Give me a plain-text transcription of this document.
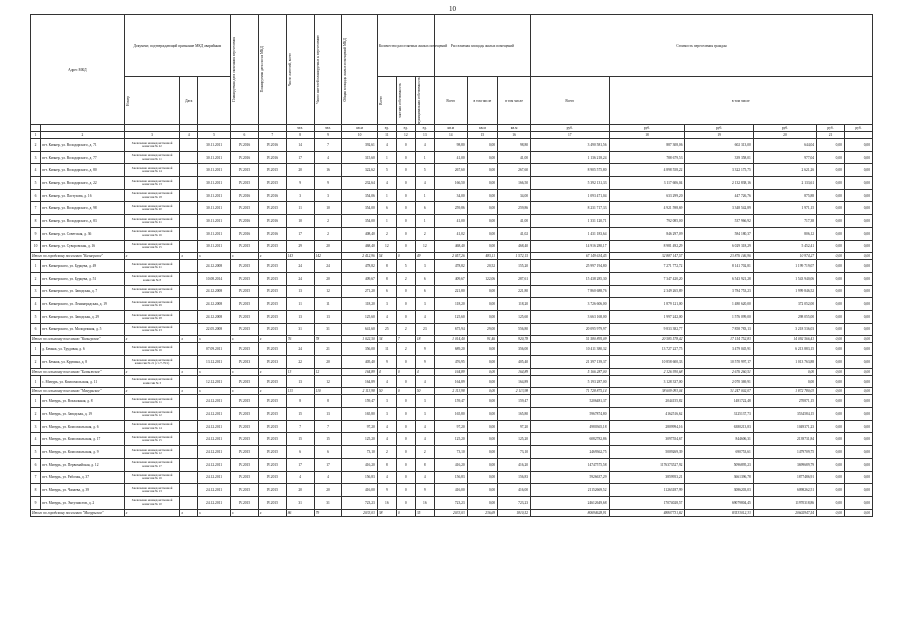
10
Адрес МКД		Документ, подтверждающий признание МКД аварийным			Планируемая дата окончания переселения	Планируемая дата сноса МКД	Число жителей, всего	Число жителей планируемых к переселению	Общая площадь жилых помещений МКД	Количество расселяемых жилых помещений			Расселяемая площадь жилых помещений			Стоимость переселения граждан					

		Номер	Дата							Всего	частная собственность	муниципальная собственность	Всего	в том числе	в том числе	Всего	в том числе				
							чел.	чел.	кв.м	ед.	ед.	ед.	кв.м	кв.м	кв.м	руб.	руб.	руб.	руб.	руб.	руб.
1	2	3	4	5	6	7	8	9	10	11	12	13	14	15	16	17	18	19	20	21	
2	пгт. Кизнер, ул. Володарского, д. 71	Заключение межведомственной комиссии № 22		30.11.2011	IV.2016	IV.2016	14	7	392,61	4	0	4	98,80	0,00	98,80	3 490 581,56	887 308,06	602 313,00	644,04	0,00	0,00
3	пгт. Кизнер, ул. Володарского, д. 77	Заключение межведомственной комиссии № 11		30.11.2011	IV.2016	IV.2016	17	4	315,60	1	0	1	41,00	0,00	41,00	1 136 218,24	788 679,53	339 358,01	977,04	0,00	0,00
4	пгт. Кизнер, ул. Володарского, д. 80	Заключение межведомственной комиссии № 14		30.11.2011	IV.2015	IV.2015	20	16	322,62	5	0	5	267,60	0,00	267,60	8 905 575,80	4 898 558,22	3 322 175,75	2 621,26	0,00	0,00
5	пгт. Кизнер, ул. Володарского, д. 22	Заключение межведомственной комиссии № 13		30.11.2011	IV.2015	IV.2015	9	9	232,64	4	0	4	166,50	0,00	166,50	5 392 131,33	3 117 606,04	2 132 838,16	2 133,61	0,00	0,00
6	пгт. Кизнер, ул. Пастухова, д. 16	Заключение межведомственной комиссии № 18		30.11.2011	IV.2016	IV.2016	3	3	354,06	1	0	1	34,00	0,00	34,00	1 093 471,04	633 299,20	447 726,76	875,88	0,00	0,00
7	пгт. Кизнер, ул. Володарского, д. 98	Заключение межведомственной комиссии № 20		30.11.2011	IV.2015	IV.2015	11	10	354,00	6	0	6	259,86	0,00	259,86	8 231 717,33	4 921 598,69	3 348 542,89	1 971,15	0,00	0,00
8	пгт. Кизнер, ул. Володарского, д. 83	Заключение межведомственной комиссии № 21		30.11.2011	IV.2016	IV.2016	10	2	354,00	1	0	1	41,00	0,00	41,00	1 331 120,71	792 085,00	537 966,92	717,38	0,00	0,00
9	пгт. Кизнер, ул. Советская, д. 36	Заключение межведомственной комиссии № 16		30.11.2011	IV.2016	IV.2016	17	2	408,40	2	0	2	41,02	0,00	41,02	1 431 183,64	846 297,09	584 180,37	806,12	0,00	0,00
10	пгт. Кизнер, ул. Суворовская, д. 16	Заключение межведомственной комиссии № 15		30.11.2011	IV.2015	IV.2015	29	20	468,40	12	0	12	468,40	0,00	468,40	14 916 280,17	8 981 492,29	6 029 318,29	5 452,41	0,00	0,00
Итого по городскому поселению "Кизнерское"		x	x	x	x	x	143	142	2 412,96	54	0	49	2 057,26	485,11	1 572,15	67 149 634,45	32 887 147,57	23 876 146,96	10 974,27	0,00	0,00
1	пгт. Кизнерского, ул. Бурцева, д. 49	Заключение межведомственной комиссии № 21		24.12.2008	IV.2015	IV.2015	24	24	478,82	8	5	3	478,82	20,52	155,20	25 997 194,80	7 271 772,72	8 141 702,81	1 199 719,07	0,00	0,00
2	пгт. Кизнерского, ул. Бурцева, д. 51	Заключение межведомственной комиссии № 8		10.08.2014	IV.2015	IV.2015	24	20	409,67	8	2	6	409,67	122,06	287,61	15 438 285,30	7 347 420,20	6 543 921,28	1 543 940,06	0,00	0,00
3	пгт. Кизнерского, ул. Заводская, д. 7	Заключение межведомственной комиссии № 15		24.12.2008	IV.2015	IV.2015	13	12	271,20	6	0	6	221,80	0,00	221,80	7 860 688,76	2 349 265,89	3 784 753,23	1 999 846,52	0,00	0,00
4	пгт. Кизнерского, ул. Ленинградская, д. 19	Заключение межведомственной комиссии № 29		24.12.2008	IV.2015	IV.2015	11	11	118,20	3	0	3	118,20	0,00	118,20	3 726 606,00	1 879 121,00	1 480 620,00	372 052,00	0,00	0,00
5	пгт. Кизнерского, ул. Заводская, д. 29	Заключение межведомственной комиссии № 28		24.12.2008	IV.2015	IV.2015	13	13	125,60	4	0	4	125,60	0,00	125,60	3 663 168,00	1 997 242,00	1 576 099,00	298 055,00	0,00	0,00
6	пгт. Кизнерского, ул. Молодежная, д. 5	Заключение межведомственной комиссии № 23		22.05.2008	IV.2015	IV.2015	31	31	641,60	25	2	23	675,94	29,00	556,80	20 095 979,97	9 833 382,77	7 858 783,13	3 218 536,03	0,00	0,00
Итого по сельскому поселению "Кизнерское"		x	x	x	x	x	76	78	1 022,50	34	7	18	1 014,40	91,46	920,78	51 580 895,09	20 585 578,42	17 154 752,83	14 092 566,41	0,00	0,00
1	д. Бемыж, ул. Трудовая, д. 6	Заключение межведомственной комиссии № 16		07.09.2011	IV.2015	IV.2015	24	21	356,00	11	2	9	689,20	0,00	356,00	10 411 380,32	13 727 227,75	3 479 045,91	6 213 883,15	0,00	0,00
2	пгт. Бемыж, ул. Крупина, д. 8	Заключение межведомственной комиссии № 21 (с 1/7-79/1)		13.12.2011	IV.2013	IV.2013	22	20	405,40	9	0	9	476,95	0,00	405,40	21 397 139,37	10 858 600,33	10 570 997,17	1 013 763,88	0,00	0,00
Итого по сельскому поселению "Бемыжское"		x	x	x	x	x	13	12	164,89	4	0	4	164,89	0,00	164,89	5 166 287,00	2 126 930,68	2 676 260,51	0,00	0,00	0,00
1	с. Мичурь, ул. Комсомольская, д. 11	Заключение межведомственной комиссии № 3		12.12.2011	IV.2015	IV.2015	13	12	164,89	4	0	4	164,89	0,00	164,89	5 193 287,00	3 128 337,00	2 070 369,91	0,00	0,00	0,00
Итого по сельскому поселению "Мичурьское"		x	x	x	x	x	113	110	2 113,98	50	0	50	2 113,98	0,00	2 113,98	71 728 875,14	38 609 093,04	31 247 002,07	1 872 780,03	0,00	0,00
1	пгт. Мичурь, ул. Вокзальная, д. 8	Заключение межведомственной комиссии № 11		24.12.2011	IV.2015	IV.2015	8	8	159,47	3	0	3	159,47	0,00	159,47	5206481,37	2044155,82	1481722,48	270871,15	0,00	0,00
2	пгт. Мичурь, ул. Заводская, д. 19	Заключение межведомственной комиссии № 12		24.12.2011	IV.2015	IV.2015	15	13	165,80	3	0	3	165,80	0,00	165,80	5967874,80	4162516,62	3125137,73	3534584,15	0,00	0,00
3	пгт. Мичурь, ул. Комсомольская, д. 6	Заключение межведомственной комиссии № 14		24.12.2011	IV.2015	IV.2015	7	7	97,20	4	0	4	97,20	0,00	97,20	4980365,18	2809994,16	6380213,83	1049371,23	0,00	0,00
4	пгт. Мичурь, ул. Комсомольская, д. 17	Заключение межведомственной комиссии № 15		24.12.2011	IV.2015	IV.2015	15	15	125,20	4	0	4	125,20	0,00	125,20	6082782,86	3097554,67	844606,31	2139731,84	0,00	0,00
5	пгт. Мичурь, ул. Комсомольская, д. 9	Заключение межведомственной комиссии № 12		24.12.2011	IV.2015	IV.2015	6	6	73,10	2	0	2	73,10	0,00	73,10	2469362,75	5009269,39	690753,61	1479709,75	0,00	0,00
6	пгт. Мичурь, ул. Первомайская, д. 12	Заключение межведомственной комиссии № 17		24.12.2011	IV.2015	IV.2015	17	17	416,20	8	0	8	416,20	0,00	416,20	14747575,58	1176373527,92	5096895,23	3699689,79	0,00	0,00
7	пгт. Мичурь, ул. Рабочая, д. 37	Заключение межведомственной комиссии № 16		24.12.2011	IV.2015	IV.2015	4	4	156,83	4	0	4	156,83	0,00	156,83	5926637,29	3859953,21	3661396,78	1877486,91	0,00	0,00
8	пгт. Мичурь, ул. Чапаева, д. 39	Заключение межведомственной комиссии № 13		24.12.2011	IV.2015	IV.2015	20	20	416,00	9	0	9	416,00	0,00	416,00	21152669,52	11263187,99	3086203,03	6098262,51	0,00	0,00
9	пгт. Мичурь, ул. Энтузиастов, д. 2	Заключение межведомственной комиссии № 10		24.12.2011	IV.2015	IV.2015	31	31	723,23	16	0	16	723,23	0,00	723,23	24612649,68	17074028,57	69079804,45	11970318,86	0,00	0,00
Итого по городскому поселению "Мичурьское"		x	x	x	x	x	86	79	2033,03	38	0	35	2033,03	236,69	1810,52	80694628,91	48807731,82	83533012,33	20602947,54	0,00	0,00
